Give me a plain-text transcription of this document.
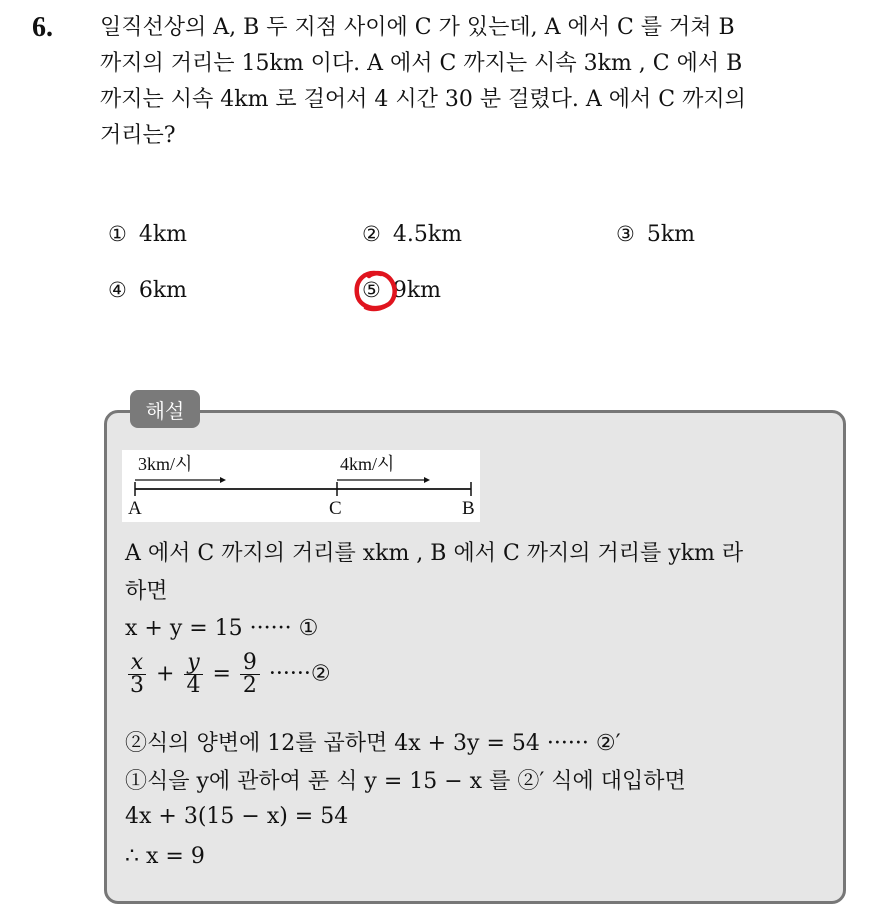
6. 일직선상의 A, B 두 지점 사이에 C 가 있는데, A 에서 C 를 거쳐 B
까지의 거리는 15km 이다. A 에서 C 까지는 시속 3km , C 에서 B
까지는 시속 4km 로 걸어서 4 시간 30 분 걸렸다. A 에서 C 까지의
거리는?
① 4km	② 4.5km	③ 5km
④ 6km	⑤ 9km
해설
3km/시	4km/시
A	C	B
A 에서 C 까지의 거리를 xkm , B 에서 C 까지의 거리를 ykm 라
하면
x + y = 15 ······ ①
$\frac{x}{3} + \frac{y}{4} = \frac{9}{2}$ ······②
②식의 양변에 12를 곱하면 4x + 3y = 54 ······ ②′
①식을 y에 관하여 푼 식 y = 15 − x 를 ②′ 식에 대입하면
4x + 3(15 − x) = 54
∴ x = 9
